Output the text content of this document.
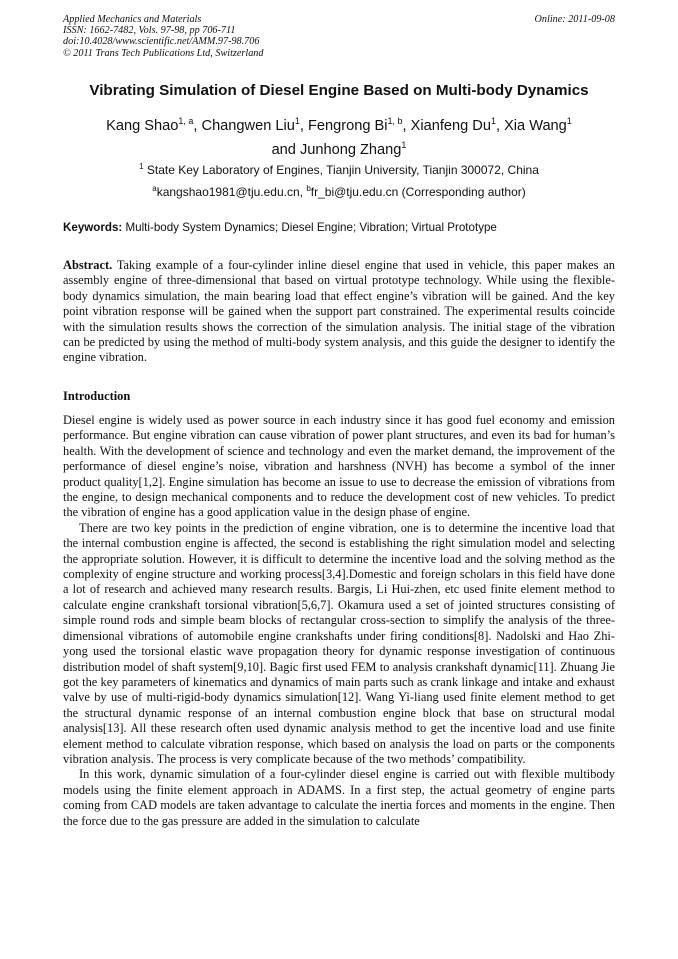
Applied Mechanics and Materials
ISSN: 1662-7482, Vols. 97-98, pp 706-711
doi:10.4028/www.scientific.net/AMM.97-98.706
© 2011 Trans Tech Publications Ltd, Switzerland
Online: 2011-09-08
Vibrating Simulation of Diesel Engine Based on Multi-body Dynamics
Kang Shao$^{1, a}$, Changwen Liu$^1$, Fengrong Bi$^{1, b}$, Xianfeng Du$^1$, Xia Wang$^1$
and Junhong Zhang$^1$
$^1$ State Key Laboratory of Engines, Tianjin University, Tianjin 300072, China
$^a$kangshao1981@tju.edu.cn, $^b$fr_bi@tju.edu.cn (Corresponding author)
Keywords: Multi-body System Dynamics; Diesel Engine; Vibration; Virtual Prototype
Abstract. Taking example of a four-cylinder inline diesel engine that used in vehicle, this paper makes an assembly engine of three-dimensional that based on virtual prototype technology. While using the flexible-body dynamics simulation, the main bearing load that effect engine’s vibration will be gained. And the key point vibration response will be gained when the support part constrained. The experimental results coincide with the simulation results shows the correction of the simulation analysis. The initial stage of the vibration can be predicted by using the method of multi-body system analysis, and this guide the designer to identify the engine vibration.
Introduction

Diesel engine is widely used as power source in each industry since it has good fuel economy and emission performance. But engine vibration can cause vibration of power plant structures, and even its bad for human’s health. With the development of science and technology and even the market demand, the improvement of the performance of diesel engine’s noise, vibration and harshness (NVH) has become a symbol of the inner product quality[1,2]. Engine simulation has become an issue to use to decrease the emission of vibrations from the engine, to design mechanical components and to reduce the development cost of new vehicles. To predict the vibration of engine has a good application value in the design phase of engine.

There are two key points in the prediction of engine vibration, one is to determine the incentive load that the internal combustion engine is affected, the second is establishing the right simulation model and selecting the appropriate solution. However, it is difficult to determine the incentive load and the solving method as the complexity of engine structure and working process[3,4].Domestic and foreign scholars in this field have done a lot of research and achieved many research results. Bargis, Li Hui-zhen, etc used finite element method to calculate engine crankshaft torsional vibration[5,6,7]. Okamura used a set of jointed structures consisting of simple round rods and simple beam blocks of rectangular cross-section to simplify the analysis of the three-dimensional vibrations of automobile engine crankshafts under firing conditions[8]. Nadolski and Hao Zhi-yong used the torsional elastic wave propagation theory for dynamic response investigation of continuous distribution model of shaft system[9,10]. Bagic first used FEM to analysis crankshaft dynamic[11]. Zhuang Jie got the key parameters of kinematics and dynamics of main parts such as crank linkage and intake and exhaust valve by use of multi-rigid-body dynamics simulation[12]. Wang Yi-liang used finite element method to get the structural dynamic response of an internal combustion engine block that base on structural modal analysis[13]. All these research often used dynamic analysis method to get the incentive load and use finite element method to calculate vibration response, which based on analysis the load on parts or the components vibration analysis. The process is very complicate because of the two methods’ compatibility.

In this work, dynamic simulation of a four-cylinder diesel engine is carried out with flexible multibody models using the finite element approach in ADAMS. In a first step, the actual geometry of engine parts coming from CAD models are taken advantage to calculate the inertia forces and moments in the engine. Then the force due to the gas pressure are added in the simulation to calculate
